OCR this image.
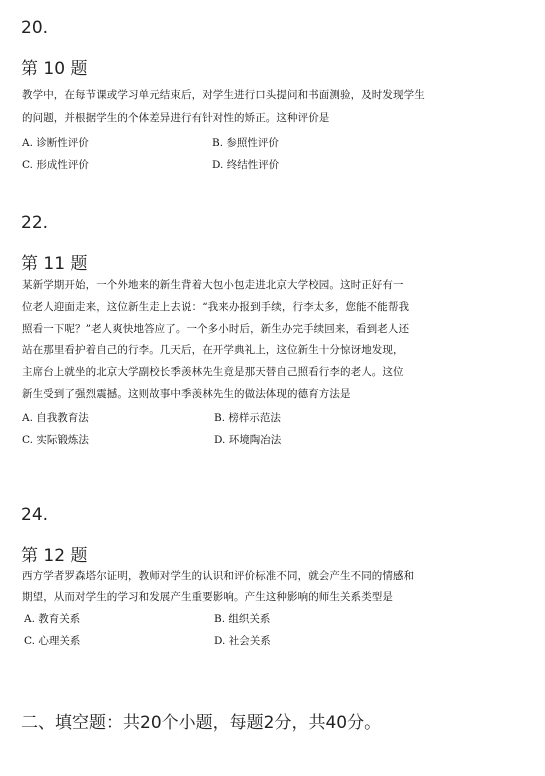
20.
第 10 题

教学中，在每节课或学习单元结束后，对学生进行口头提问和书面测验，及时发现学生的问题，并根据学生的个体差异进行有针对性的矫正。这种评价是

A. 诊断性评价	B. 参照性评价
C. 形成性评价	D. 终结性评价
22.
第 11 题

某新学期开始，一个外地来的新生背着大包小包走进北京大学校园。这时正好有一位老人迎面走来，这位新生走上去说：“我来办报到手续，行李太多，您能不能帮我照看一下呢？”老人爽快地答应了。一个多小时后，新生办完手续回来，看到老人还站在那里看护着自己的行李。几天后，在开学典礼上，这位新生十分惊讶地发现，主席台上就坐的北京大学副校长季羡林先生竟是那天替自己照看行李的老人。这位新生受到了强烈震撼。这则故事中季羡林先生的做法体现的德育方法是

A. 自我教育法	B. 榜样示范法
C. 实际锻炼法	D. 环境陶冶法
24.
第 12 题

西方学者罗森塔尔证明，教师对学生的认识和评价标准不同，就会产生不同的情感和期望，从而对学生的学习和发展产生重要影响。产生这种影响的师生关系类型是

A. 教育关系	B. 组织关系
C. 心理关系	D. 社会关系
二、填空题：共20个小题，每题2分，共40分。
